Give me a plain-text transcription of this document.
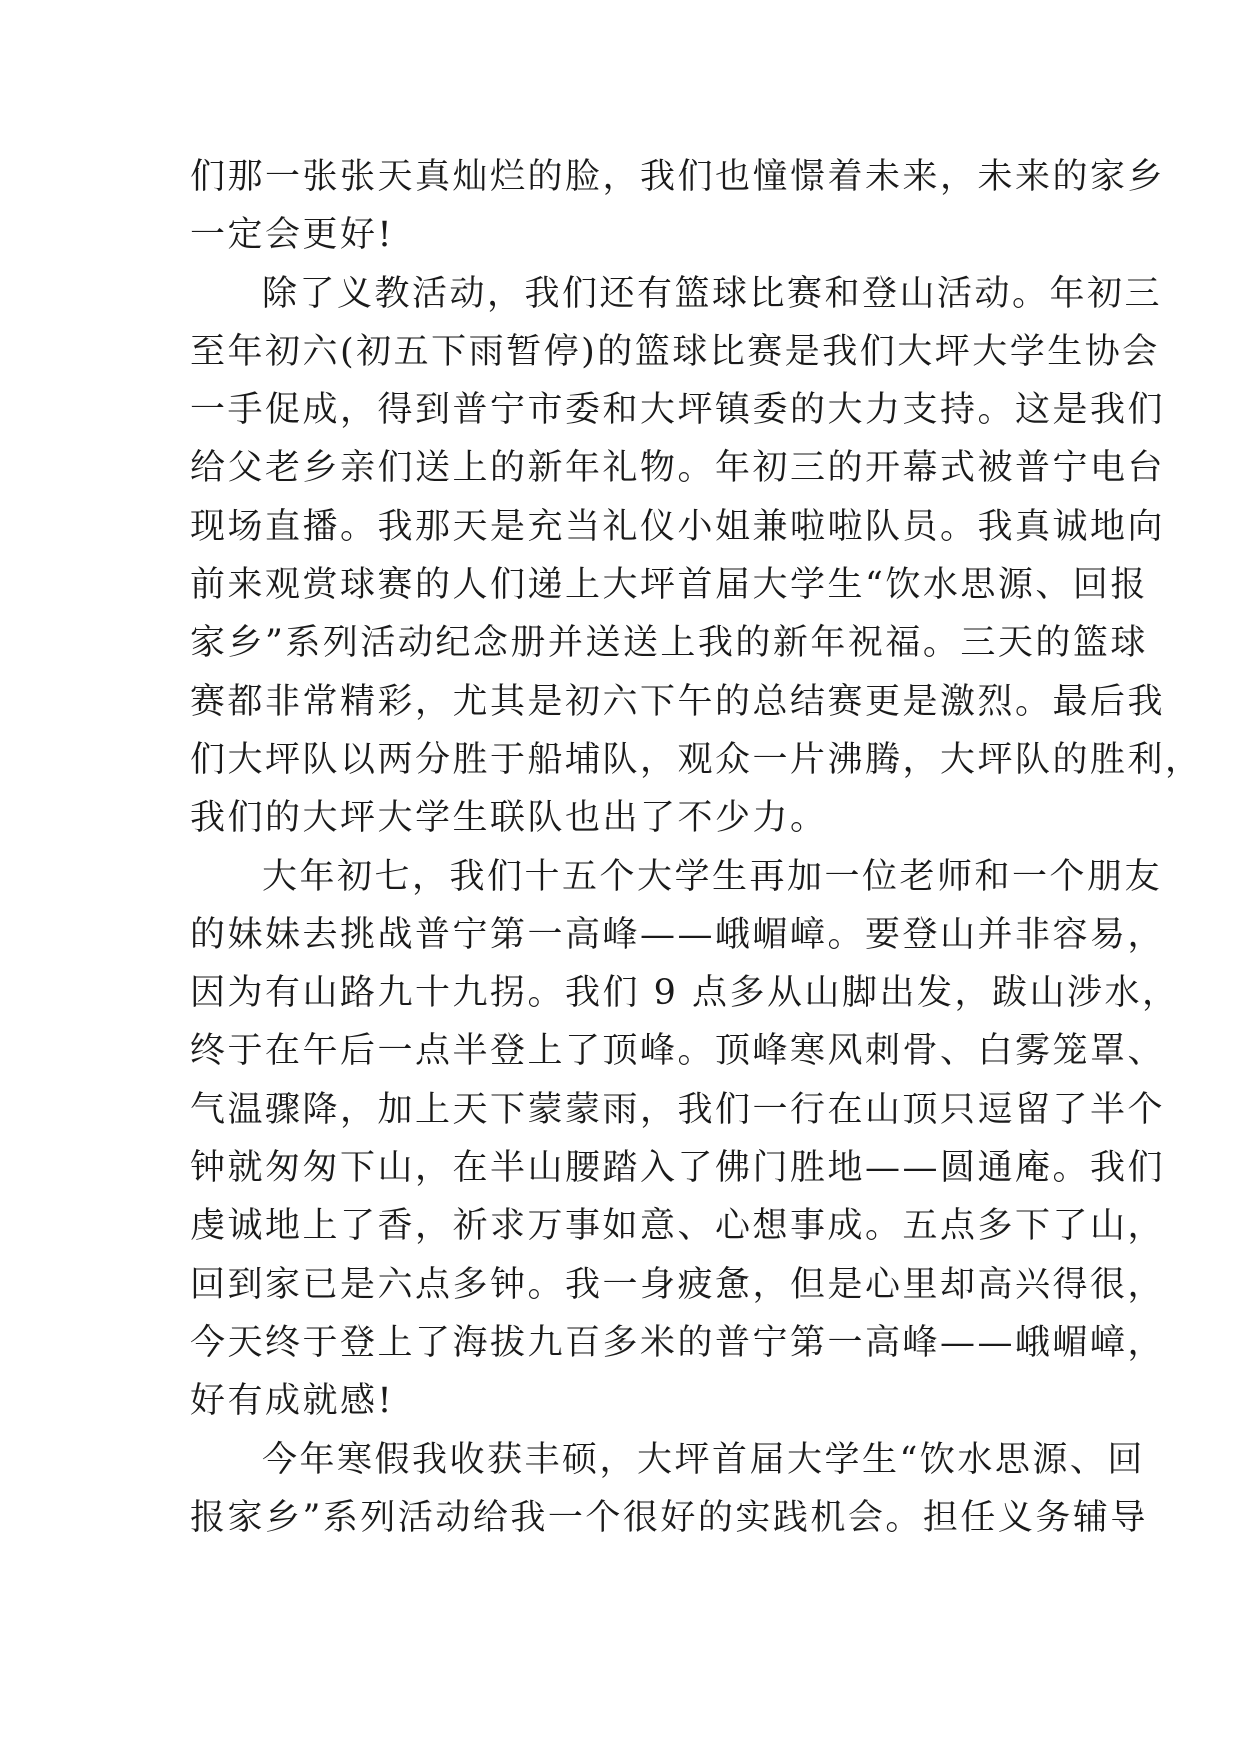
们那一张张天真灿烂的脸，我们也憧憬着未来，未来的家乡
一定会更好!
除了义教活动，我们还有篮球比赛和登山活动。年初三
至年初六(初五下雨暂停)的篮球比赛是我们大坪大学生协会
一手促成，得到普宁市委和大坪镇委的大力支持。这是我们
给父老乡亲们送上的新年礼物。年初三的开幕式被普宁电台
现场直播。我那天是充当礼仪小姐兼啦啦队员。我真诚地向
前来观赏球赛的人们递上大坪首届大学生“饮水思源、回报
家乡”系列活动纪念册并送送上我的新年祝福。三天的篮球
赛都非常精彩，尤其是初六下午的总结赛更是激烈。最后我
们大坪队以两分胜于船埔队，观众一片沸腾，大坪队的胜利，
我们的大坪大学生联队也出了不少力。
大年初七，我们十五个大学生再加一位老师和一个朋友
的妹妹去挑战普宁第一高峰——峨嵋嶂。要登山并非容易，
因为有山路九十九拐。我们 9 点多从山脚出发，跋山涉水，
终于在午后一点半登上了顶峰。顶峰寒风刺骨、白雾笼罩、
气温骤降，加上天下蒙蒙雨，我们一行在山顶只逗留了半个
钟就匆匆下山，在半山腰踏入了佛门胜地——圆通庵。我们
虔诚地上了香，祈求万事如意、心想事成。五点多下了山，
回到家已是六点多钟。我一身疲惫，但是心里却高兴得很，
今天终于登上了海拔九百多米的普宁第一高峰——峨嵋嶂，
好有成就感!
今年寒假我收获丰硕，大坪首届大学生“饮水思源、回
报家乡”系列活动给我一个很好的实践机会。担任义务辅导
